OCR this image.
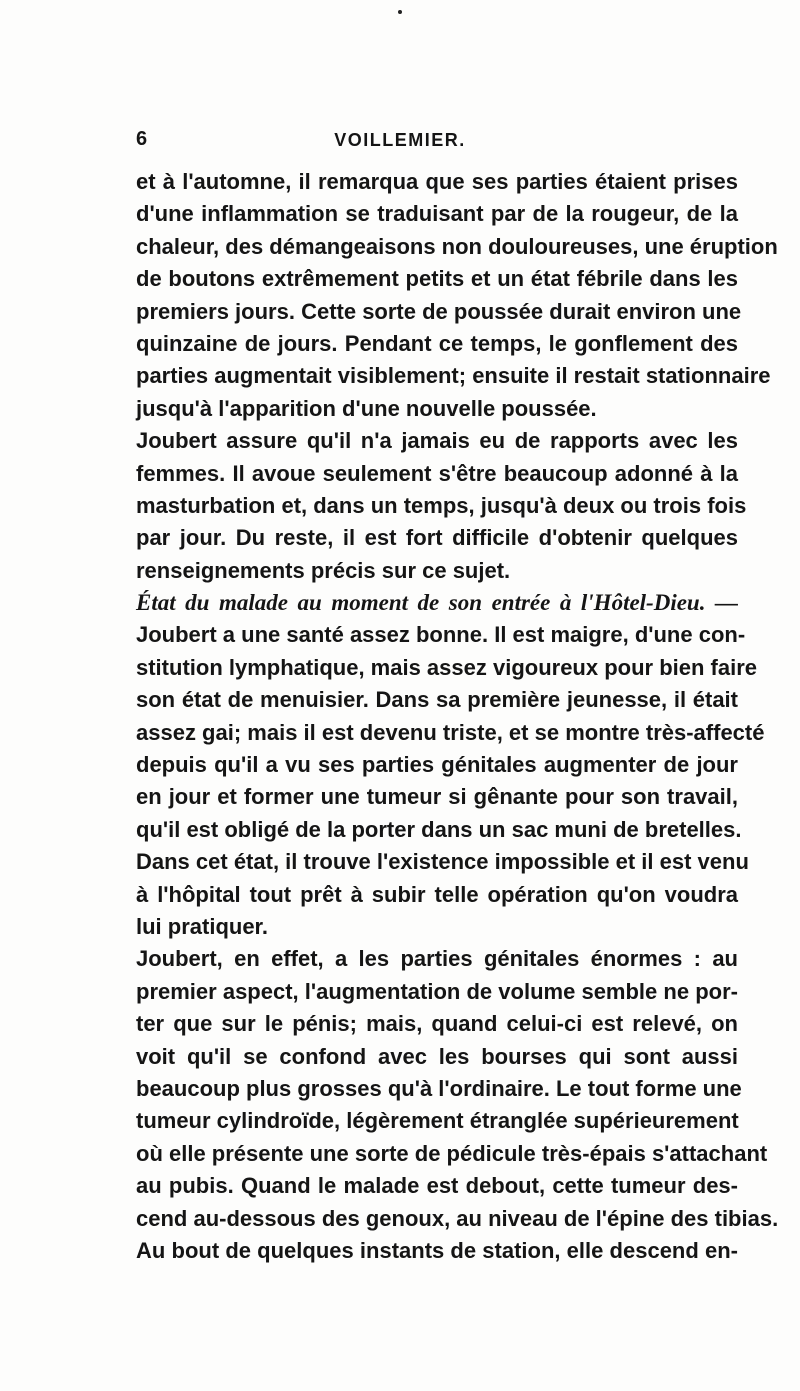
6	VOILLEMIER.
et à l'automne, il remarqua que ses parties étaient prises
d'une inflammation se traduisant par de la rougeur, de la
chaleur, des démangeaisons non douloureuses, une éruption
de boutons extrêmement petits et un état fébrile dans les
premiers jours. Cette sorte de poussée durait environ une
quinzaine de jours. Pendant ce temps, le gonflement des
parties augmentait visiblement; ensuite il restait stationnaire
jusqu'à l'apparition d'une nouvelle poussée.
Joubert assure qu'il n'a jamais eu de rapports avec les
femmes. Il avoue seulement s'être beaucoup adonné à la
masturbation et, dans un temps, jusqu'à deux ou trois fois
par jour. Du reste, il est fort difficile d'obtenir quelques
renseignements précis sur ce sujet.
État du malade au moment de son entrée à l'Hôtel-Dieu. —
Joubert a une santé assez bonne. Il est maigre, d'une con-
stitution lymphatique, mais assez vigoureux pour bien faire
son état de menuisier. Dans sa première jeunesse, il était
assez gai; mais il est devenu triste, et se montre très-affecté
depuis qu'il a vu ses parties génitales augmenter de jour
en jour et former une tumeur si gênante pour son travail,
qu'il est obligé de la porter dans un sac muni de bretelles.
Dans cet état, il trouve l'existence impossible et il est venu
à l'hôpital tout prêt à subir telle opération qu'on voudra
lui pratiquer.
Joubert, en effet, a les parties génitales énormes : au
premier aspect, l'augmentation de volume semble ne por-
ter que sur le pénis; mais, quand celui-ci est relevé, on
voit qu'il se confond avec les bourses qui sont aussi
beaucoup plus grosses qu'à l'ordinaire. Le tout forme une
tumeur cylindroïde, légèrement étranglée supérieurement
où elle présente une sorte de pédicule très-épais s'attachant
au pubis. Quand le malade est debout, cette tumeur des-
cend au-dessous des genoux, au niveau de l'épine des tibias.
Au bout de quelques instants de station, elle descend en-
